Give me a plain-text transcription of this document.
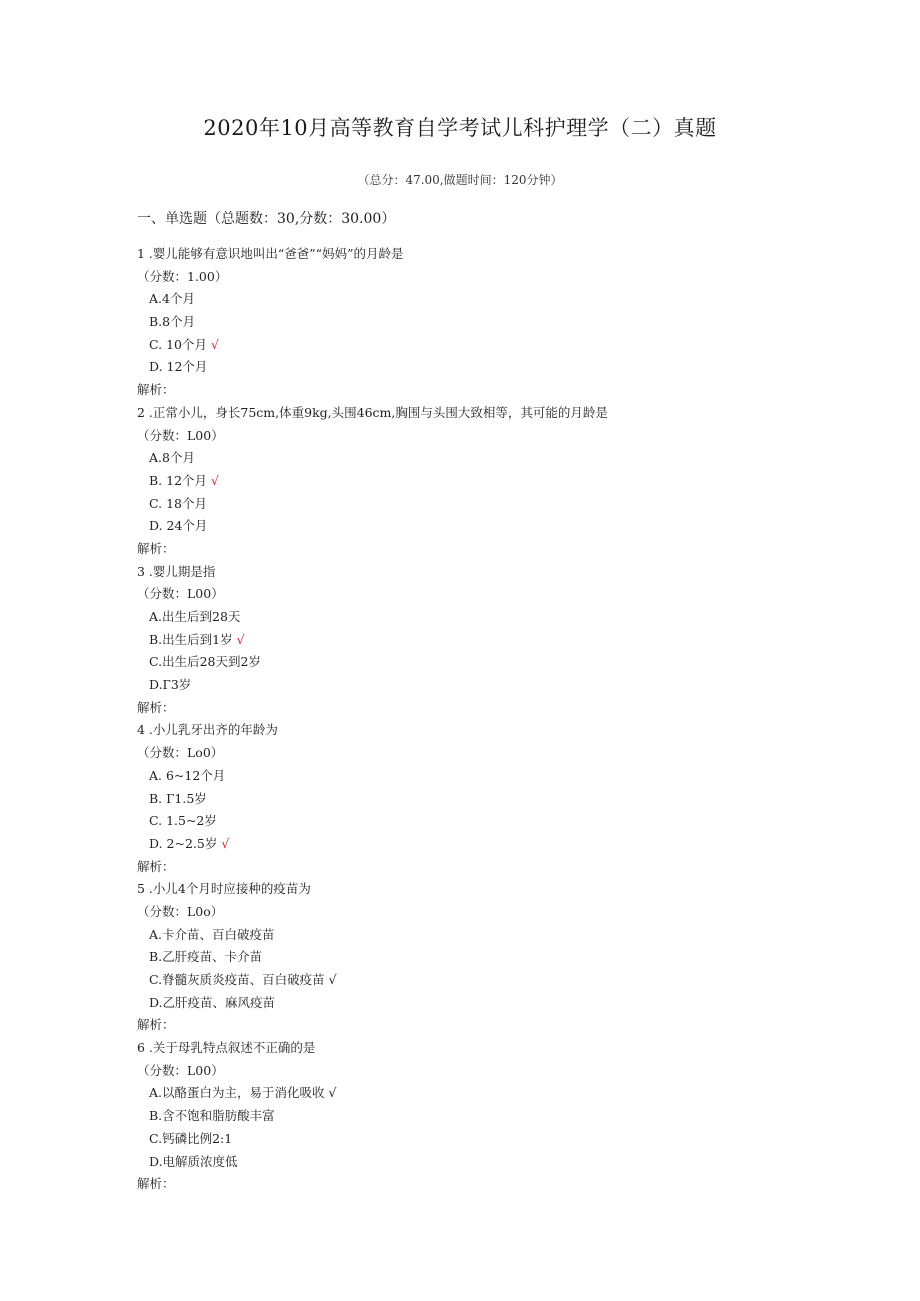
2020年10月高等教育自学考试儿科护理学（二）真题
（总分：47.00,做题时间：120分钟）
一、单选题（总题数：30,分数：30.00）
1 .婴儿能够有意识地叫出“爸爸”“妈妈”的月龄是
（分数：1.00）
A.4个月
B.8个月
C. 10个月 √
D. 12个月
解析：
2 .正常小儿，身长75cm,体重9kg,头围46cm,胸围与头围大致相等，其可能的月龄是
（分数：L00）
A.8个月
B. 12个月 √
C. 18个月
D. 24个月
解析：
3 .婴儿期是指
（分数：L00）
A.出生后到28天
B.出生后到1岁 √
C.出生后28天到2岁
D.Г3岁
解析：
4 .小儿乳牙出齐的年龄为
（分数：Lo0）
A. 6~12个月
B. Г1.5岁
C. 1.5~2岁
D. 2~2.5岁 √
解析：
5 .小儿4个月时应接种的疫苗为
（分数：L0o）
A.卡介苗、百白破疫苗
B.乙肝疫苗、卡介苗
C.脊髓灰质炎疫苗、百白破疫苗 √
D.乙肝疫苗、麻风疫苗
解析：
6 .关于母乳特点叙述不正确的是
（分数：L00）
A.以酪蛋白为主，易于消化吸收 √
B.含不饱和脂肪酸丰富
C.钙磷比例2:1
D.电解质浓度低
解析：
